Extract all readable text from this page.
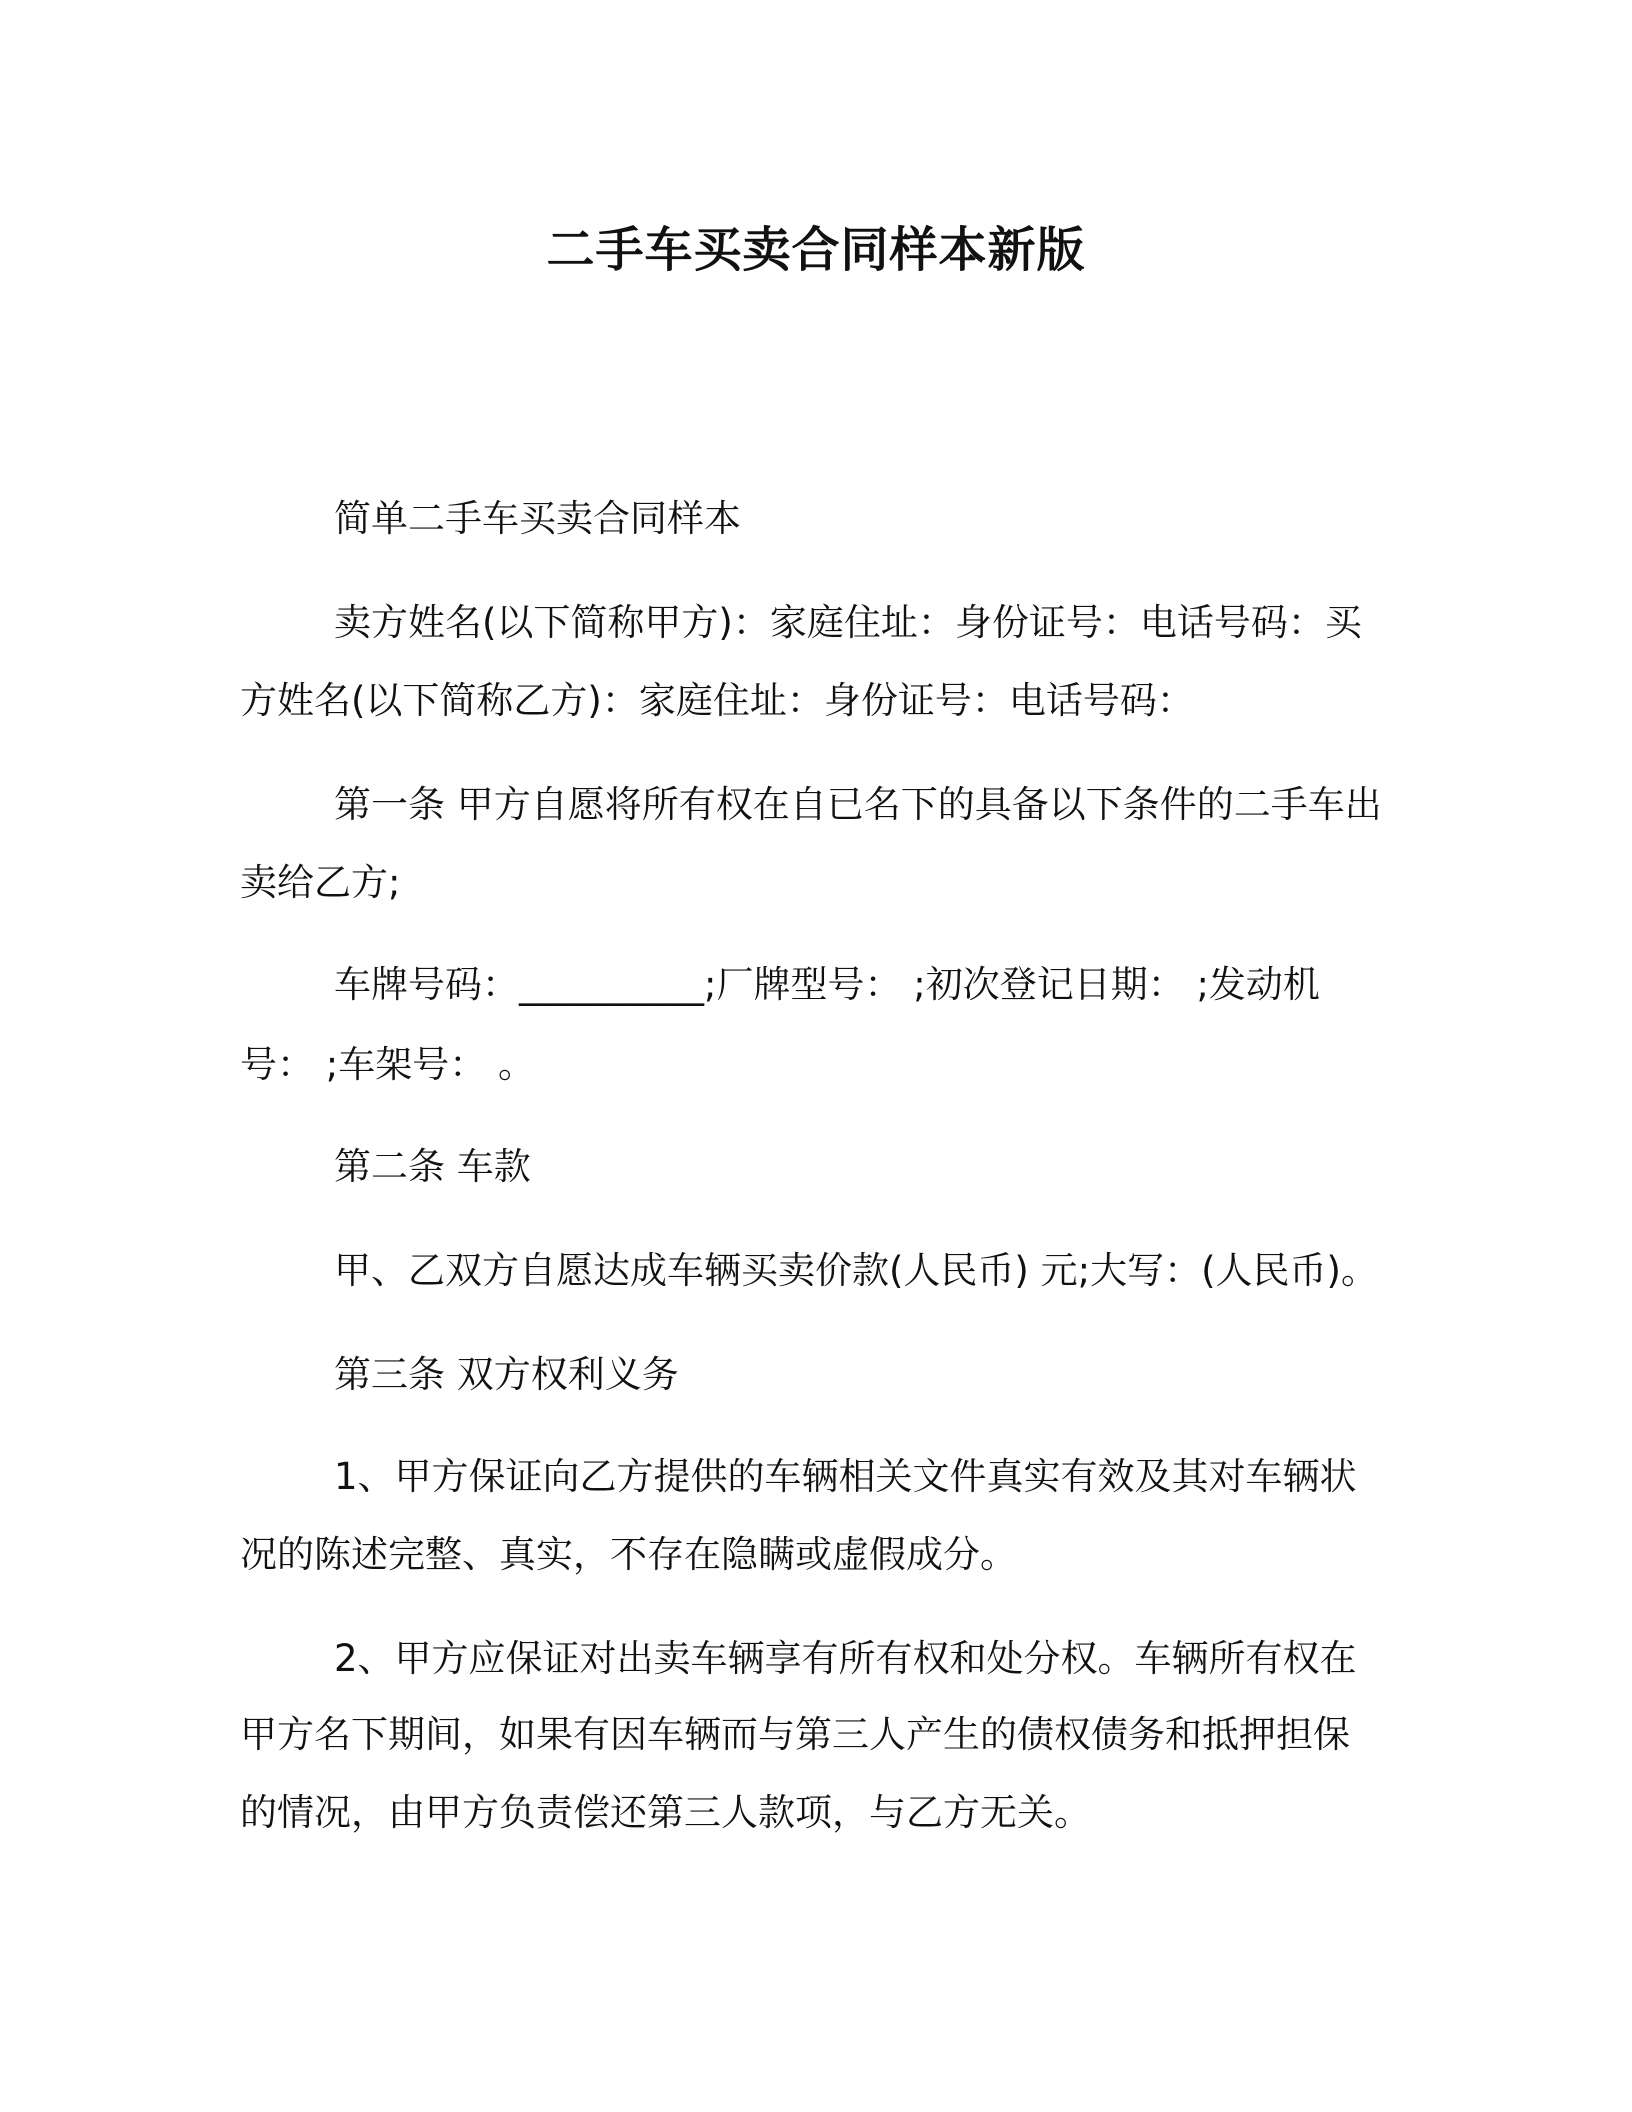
二手车买卖合同样本新版
简单二手车买卖合同样本
卖方姓名(以下简称甲方)：家庭住址：身份证号：电话号码：买
方姓名(以下简称乙方)：家庭住址：身份证号：电话号码：
第一条 甲方自愿将所有权在自已名下的具备以下条件的二手车出
卖给乙方;
车牌号码：__________;厂牌型号： ;初次登记日期： ;发动机
号： ;车架号： 。
第二条 车款
甲、乙双方自愿达成车辆买卖价款(人民币) 元;大写：(人民币)。
第三条 双方权利义务
1、甲方保证向乙方提供的车辆相关文件真实有效及其对车辆状
况的陈述完整、真实，不存在隐瞒或虚假成分。
2、甲方应保证对出卖车辆享有所有权和处分权。车辆所有权在
甲方名下期间，如果有因车辆而与第三人产生的债权债务和抵押担保
的情况，由甲方负责偿还第三人款项，与乙方无关。
